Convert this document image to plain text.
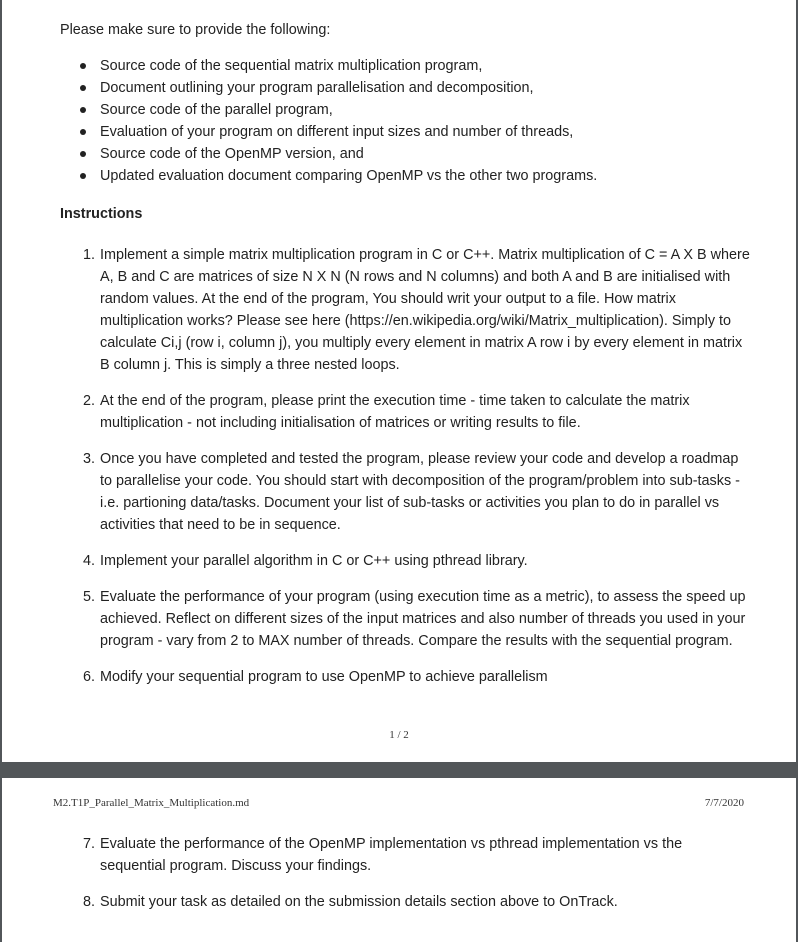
Please make sure to provide the following:

Source code of the sequential matrix multiplication program,
Document outlining your program parallelisation and decomposition,
Source code of the parallel program,
Evaluation of your program on different input sizes and number of threads,
Source code of the OpenMP version, and
Updated evaluation document comparing OpenMP vs the other two programs.
Instructions
1. Implement a simple matrix multiplication program in C or C++. Matrix multiplication of C = A X B where A, B and C are matrices of size N X N (N rows and N columns) and both A and B are initialised with random values. At the end of the program, You should writ your output to a file. How matrix multiplication works? Please see here (https://en.wikipedia.org/wiki/Matrix_multiplication). Simply to calculate Ci,j (row i, column j), you multiply every element in matrix A row i by every element in matrix B column j. This is simply a three nested loops.
2. At the end of the program, please print the execution time - time taken to calculate the matrix multiplication - not including initialisation of matrices or writing results to file.
3. Once you have completed and tested the program, please review your code and develop a roadmap to parallelise your code. You should start with decomposition of the program/problem into sub-tasks - i.e. partioning data/tasks. Document your list of sub-tasks or activities you plan to do in parallel vs activities that need to be in sequence.
4. Implement your parallel algorithm in C or C++ using pthread library.
5. Evaluate the performance of your program (using execution time as a metric), to assess the speed up achieved. Reflect on different sizes of the input matrices and also number of threads you used in your program - vary from 2 to MAX number of threads. Compare the results with the sequential program.
6. Modify your sequential program to use OpenMP to achieve parallelism
1 / 2
M2.T1P_Parallel_Matrix_Multiplication.md	7/7/2020
7. Evaluate the performance of the OpenMP implementation vs pthread implementation vs the sequential program. Discuss your findings.
8. Submit your task as detailed on the submission details section above to OnTrack.
